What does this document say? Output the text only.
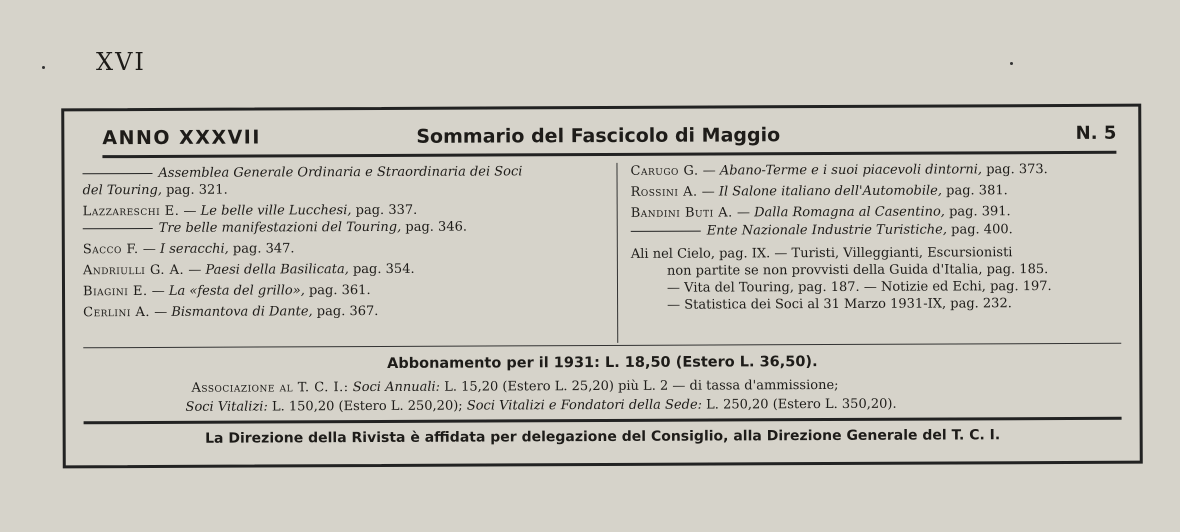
XVI
ANNO XXXVII	Sommario del Fascicolo di Maggio	N. 5
Assemblea Generale Ordinaria e Straordinaria dei Soci
del Touring, pag. 321.
Lazzareschi E. — Le belle ville Lucchesi, pag. 337.
Tre belle manifestazioni del Touring, pag. 346.
Sacco F. — I seracchi, pag. 347.
Andriulli G. A. — Paesi della Basilicata, pag. 354.
Biagini E. — La «festa del grillo», pag. 361.
Cerlini A. — Bismantova di Dante, pag. 367.
Carugo G. — Abano-Terme e i suoi piacevoli dintorni, pag. 373.
Rossini A. — Il Salone italiano dell'Automobile, pag. 381.
Bandini Buti A. — Dalla Romagna al Casentino, pag. 391.
Ente Nazionale Industrie Turistiche, pag. 400.
Ali nel Cielo, pag. IX. — Turisti, Villeggianti, Escursionisti
non partite se non provvisti della Guida d'Italia, pag. 185.
— Vita del Touring, pag. 187. — Notizie ed Echi, pag. 197.
— Statistica dei Soci al 31 Marzo 1931-IX, pag. 232.
Abbonamento per il 1931: L. 18,50 (Estero L. 36,50).
Associazione al T. C. I.: Soci Annuali: L. 15,20 (Estero L. 25,20) più L. 2 — di tassa d'ammissione;
Soci Vitalizi: L. 150,20 (Estero L. 250,20); Soci Vitalizi e Fondatori della Sede: L. 250,20 (Estero L. 350,20).
La Direzione della Rivista è affidata per delegazione del Consiglio, alla Direzione Generale del T. C. I.
